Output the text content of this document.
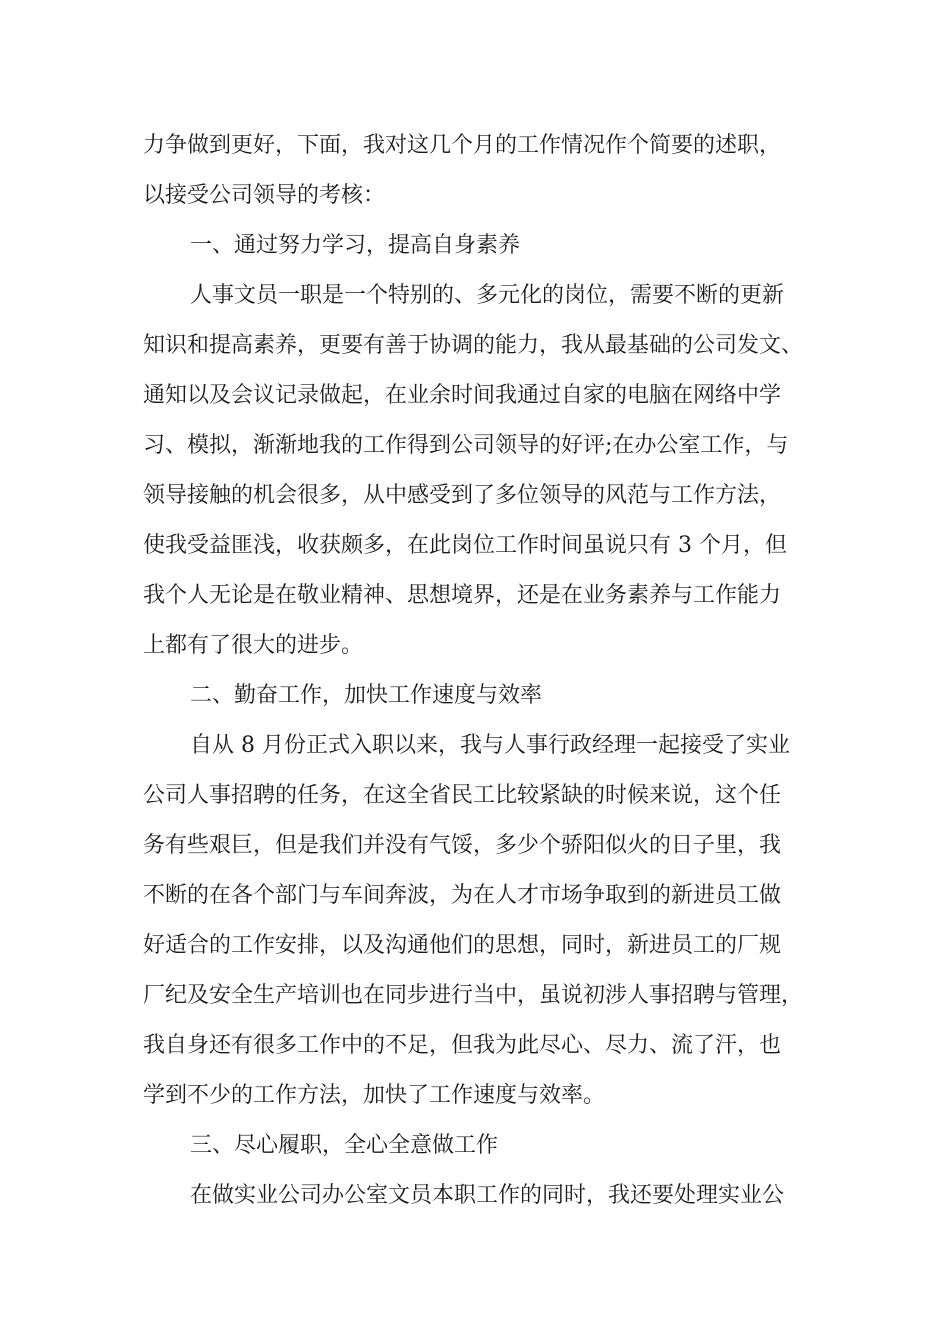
力争做到更好，下面，我对这几个月的工作情况作个简要的述职，
以接受公司领导的考核：
一、通过努力学习，提高自身素养
人事文员一职是一个特别的、多元化的岗位，需要不断的更新
知识和提高素养，更要有善于协调的能力，我从最基础的公司发文、
通知以及会议记录做起，在业余时间我通过自家的电脑在网络中学
习、模拟，渐渐地我的工作得到公司领导的好评;在办公室工作，与
领导接触的机会很多，从中感受到了多位领导的风范与工作方法，
使我受益匪浅，收获颇多，在此岗位工作时间虽说只有 3 个月，但
我个人无论是在敬业精神、思想境界，还是在业务素养与工作能力
上都有了很大的进步。
二、勤奋工作，加快工作速度与效率
自从 8 月份正式入职以来，我与人事行政经理一起接受了实业
公司人事招聘的任务，在这全省民工比较紧缺的时候来说，这个任
务有些艰巨，但是我们并没有气馁，多少个骄阳似火的日子里，我
不断的在各个部门与车间奔波，为在人才市场争取到的新进员工做
好适合的工作安排，以及沟通他们的思想，同时，新进员工的厂规
厂纪及安全生产培训也在同步进行当中，虽说初涉人事招聘与管理，
我自身还有很多工作中的不足，但我为此尽心、尽力、流了汗，也
学到不少的工作方法，加快了工作速度与效率。
三、尽心履职，全心全意做工作
在做实业公司办公室文员本职工作的同时，我还要处理实业公
